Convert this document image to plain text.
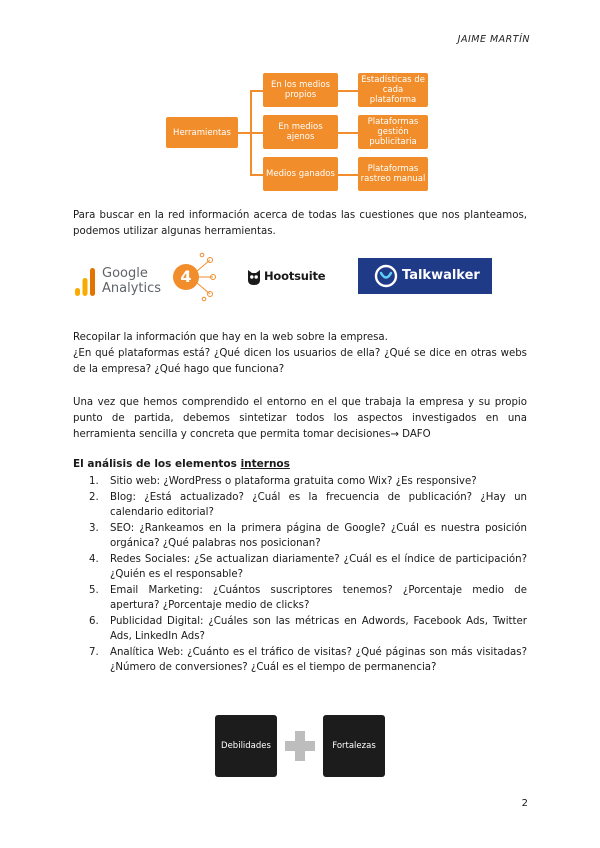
JAIME MARTÍN
Herramientas
En los medios propios
En medios ajenos
Medios ganados
Estadísticas de cada plataforma
Plataformas gestión publicitaria
Plataformas rastreo manual

Para buscar en la red información acerca de todas las cuestiones que nos planteamos, podemos utilizar algunas herramientas.

Google
Analytics
4	Hootsuite	Talkwalker
Recopilar la información que hay en la web sobre la empresa.
¿En qué plataformas está? ¿Qué dicen los usuarios de ella? ¿Qué se dice en otras webs de la empresa? ¿Qué hago que funciona?

Una vez que hemos comprendido el entorno en el que trabaja la empresa y su propio punto de partida, debemos sintetizar todos los aspectos investigados en una herramienta sencilla y concreta que permita tomar decisiones→ DAFO

El análisis de los elementos internos
1. Sitio web: ¿WordPress o plataforma gratuita como Wix? ¿Es responsive?
2. Blog: ¿Está actualizado? ¿Cuál es la frecuencia de publicación? ¿Hay un calendario editorial?
3. SEO: ¿Rankeamos en la primera página de Google? ¿Cuál es nuestra posición orgánica? ¿Qué palabras nos posicionan?
4. Redes Sociales: ¿Se actualizan diariamente? ¿Cuál es el índice de participación? ¿Quién es el responsable?
5. Email Marketing: ¿Cuántos suscriptores tenemos? ¿Porcentaje medio de apertura? ¿Porcentaje medio de clicks?
6. Publicidad Digital: ¿Cuáles son las métricas en Adwords, Facebook Ads, Twitter Ads, LinkedIn Ads?
7. Analítica Web: ¿Cuánto es el tráfico de visitas? ¿Qué páginas son más visitadas? ¿Número de conversiones? ¿Cuál es el tiempo de permanencia?
Debilidades	Fortalezas
2
